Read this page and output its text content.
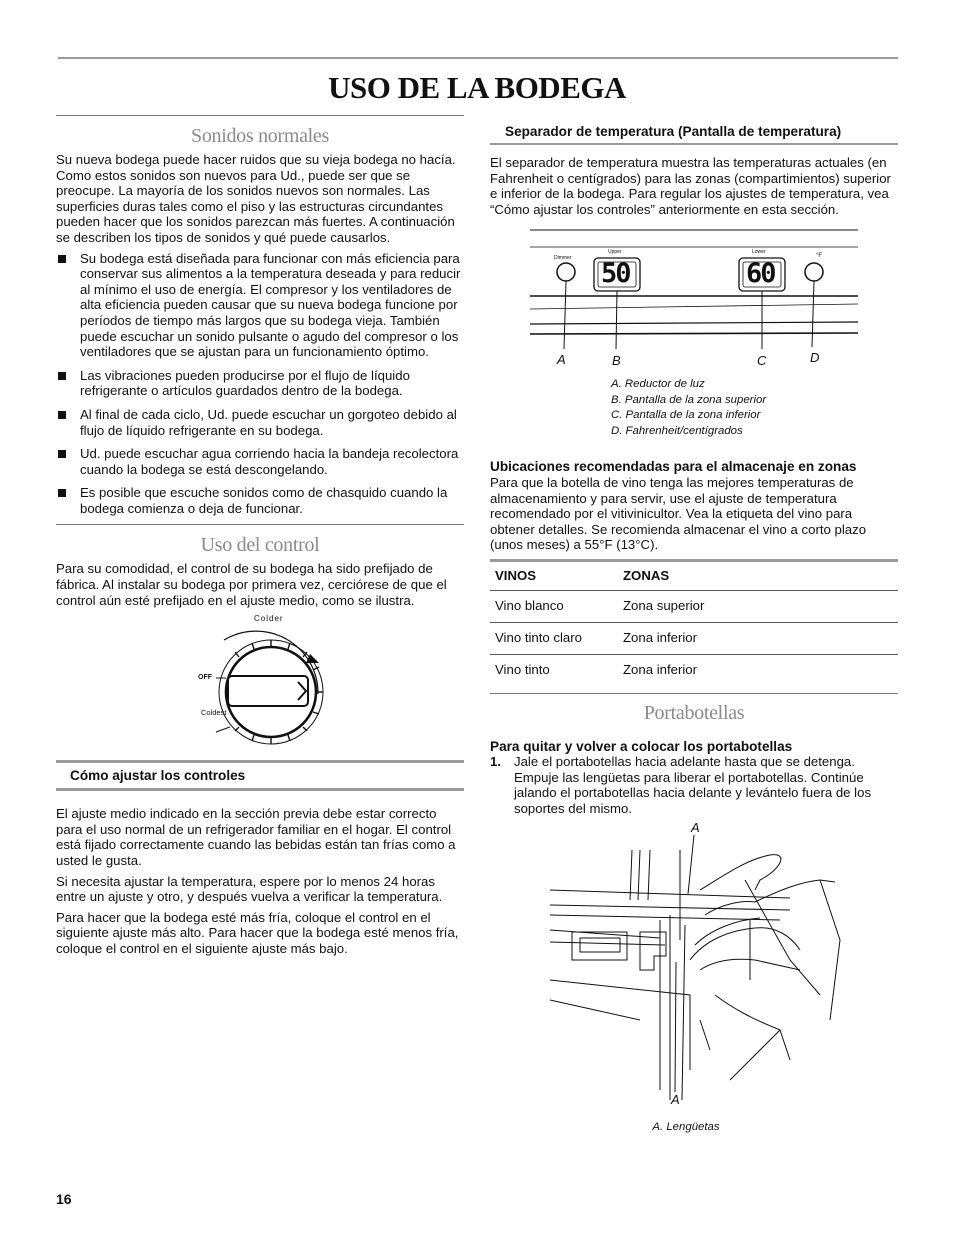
USO DE LA BODEGA
Sonidos normales

Su nueva bodega puede hacer ruidos que su vieja bodega no hacía. Como estos sonidos son nuevos para Ud., puede ser que se preocupe. La mayoría de los sonidos nuevos son normales. Las superficies duras tales como el piso y las estructuras circundantes pueden hacer que los sonidos parezcan más fuertes. A continuación se describen los tipos de sonidos y qué puede causarlos.

Su bodega está diseñada para funcionar con más eficiencia para conservar sus alimentos a la temperatura deseada y para reducir al mínimo el uso de energía. El compresor y los ventiladores de alta eficiencia pueden causar que su nueva bodega funcione por períodos de tiempo más largos que su bodega vieja. También puede escuchar un sonido pulsante o agudo del compresor o los ventiladores que se ajustan para un funcionamiento óptimo.
Las vibraciones pueden producirse por el flujo de líquido refrigerante o artículos guardados dentro de la bodega.
Al final de cada ciclo, Ud. puede escuchar un gorgoteo debido al flujo de líquido refrigerante en su bodega.
Ud. puede escuchar agua corriendo hacia la bandeja recolectora cuando la bodega se está descongelando.
Es posible que escuche sonidos como de chasquido cuando la bodega comienza o deja de funcionar.
Uso del control

Para su comodidad, el control de su bodega ha sido prefijado de fábrica. Al instalar su bodega por primera vez, cerciórese de que el control aún esté prefijado en el ajuste medio, como se ilustra.

Colder
OFF
Coldest
Cómo ajustar los controles

El ajuste medio indicado en la sección previa debe estar correcto para el uso normal de un refrigerador familiar en el hogar. El control está fijado correctamente cuando las bebidas están tan frías como a usted le gusta.

Si necesita ajustar la temperatura, espere por lo menos 24 horas entre un ajuste y otro, y después vuelva a verificar la temperatura.

Para hacer que la bodega esté más fría, coloque el control en el siguiente ajuste más alto. Para hacer que la bodega esté menos fría, coloque el control en el siguiente ajuste más bajo.

Separador de temperatura (Pantalla de temperatura)

El separador de temperatura muestra las temperaturas actuales (en Fahrenheit o centígrados) para las zonas (compartimientos) superior e inferior de la bodega. Para regular los ajustes de temperatura, vea “Cómo ajustar los controles” anteriormente en esta sección.

Dimmer
Upper	Lower
°F
50	60
A	B	C	D
A. Reductor de luz
B. Pantalla de la zona superior
C. Pantalla de la zona inferior
D. Fahrenheit/centígrados
Ubicaciones recomendadas para el almacenaje en zonas

Para que la botella de vino tenga las mejores temperaturas de almacenamiento y para servir, use el ajuste de temperatura recomendado por el vitivinicultor. Vea la etiqueta del vino para obtener detalles. Se recomienda almacenar el vino a corto plazo (unos meses) a 55°F (13°C).

VINOS	ZONAS
Vino blanco	Zona superior
Vino tinto claro	Zona inferior
Vino tinto	Zona inferior
Portabotellas
Para quitar y volver a colocar los portabotellas
1. Jale el portabotellas hacia adelante hasta que se detenga. Empuje las lengüetas para liberar el portabotellas. Continúe jalando el portabotellas hacia delante y levántelo fuera de los soportes del mismo.

A
A
A. Lengüetas
16
